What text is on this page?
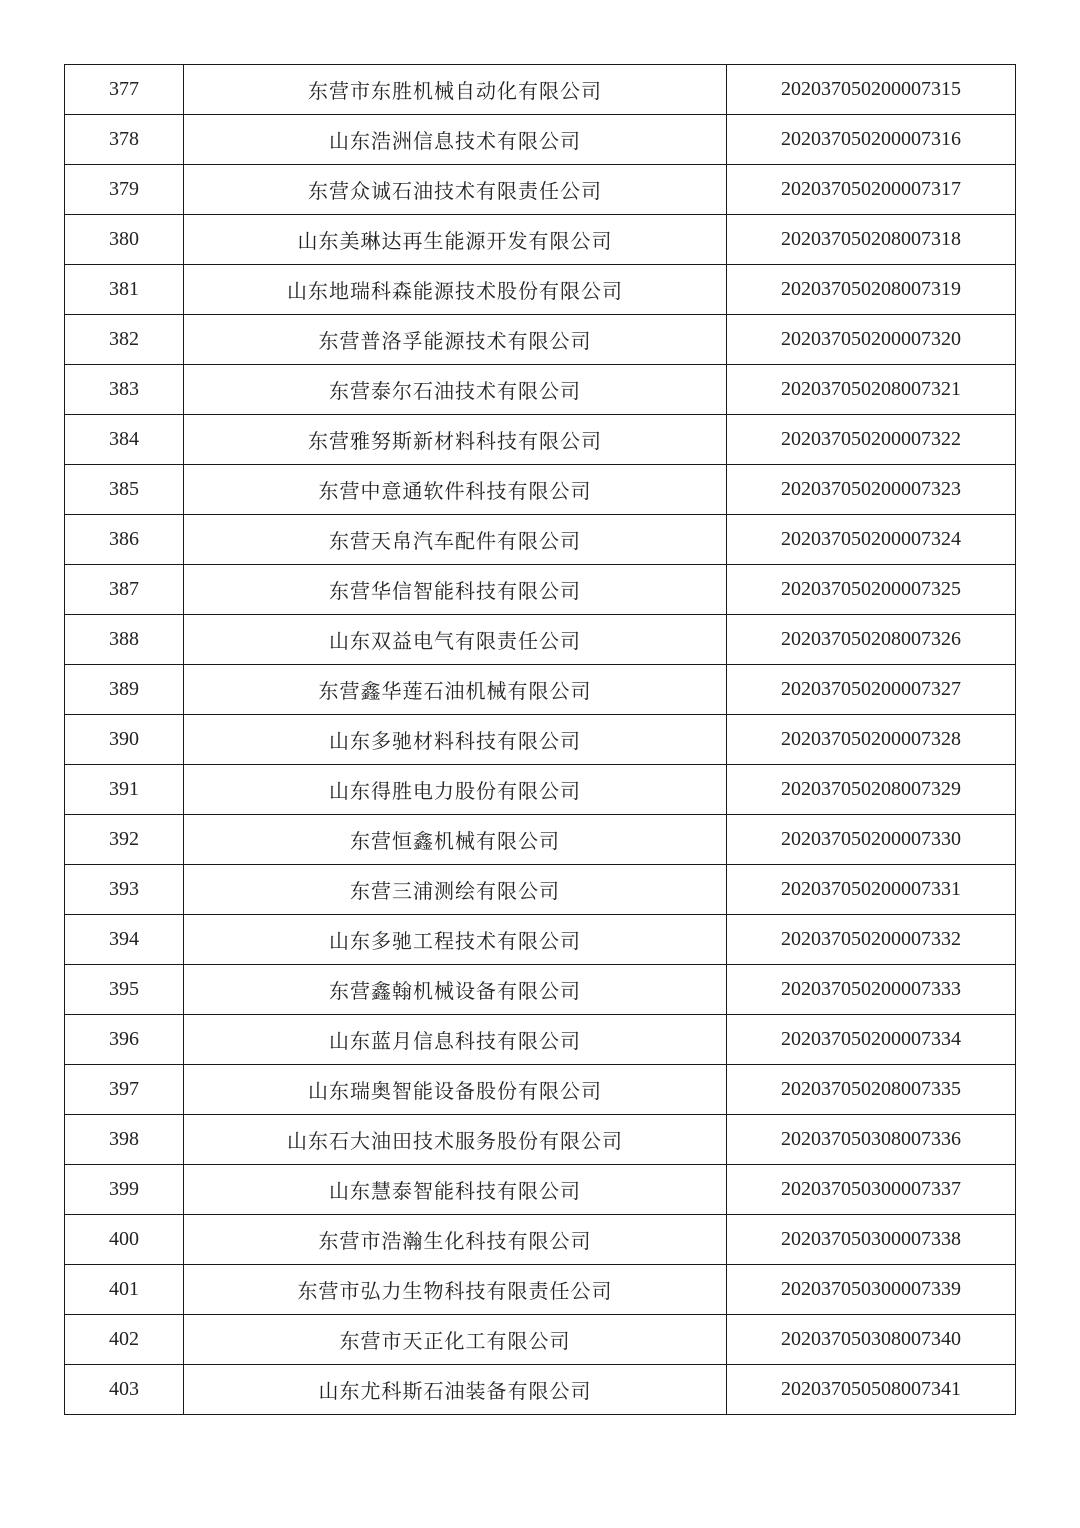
377	东营市东胜机械自动化有限公司	202037050200007315
378	山东浩洲信息技术有限公司	202037050200007316
379	东营众诚石油技术有限责任公司	202037050200007317
380	山东美琳达再生能源开发有限公司	202037050208007318
381	山东地瑞科森能源技术股份有限公司	202037050208007319
382	东营普洛孚能源技术有限公司	202037050200007320
383	东营泰尔石油技术有限公司	202037050208007321
384	东营雅努斯新材料科技有限公司	202037050200007322
385	东营中意通软件科技有限公司	202037050200007323
386	东营天帛汽车配件有限公司	202037050200007324
387	东营华信智能科技有限公司	202037050200007325
388	山东双益电气有限责任公司	202037050208007326
389	东营鑫华莲石油机械有限公司	202037050200007327
390	山东多驰材料科技有限公司	202037050200007328
391	山东得胜电力股份有限公司	202037050208007329
392	东营恒鑫机械有限公司	202037050200007330
393	东营三浦测绘有限公司	202037050200007331
394	山东多驰工程技术有限公司	202037050200007332
395	东营鑫翰机械设备有限公司	202037050200007333
396	山东蓝月信息科技有限公司	202037050200007334
397	山东瑞奥智能设备股份有限公司	202037050208007335
398	山东石大油田技术服务股份有限公司	202037050308007336
399	山东慧泰智能科技有限公司	202037050300007337
400	东营市浩瀚生化科技有限公司	202037050300007338
401	东营市弘力生物科技有限责任公司	202037050300007339
402	东营市天正化工有限公司	202037050308007340
403	山东尤科斯石油装备有限公司	202037050508007341
